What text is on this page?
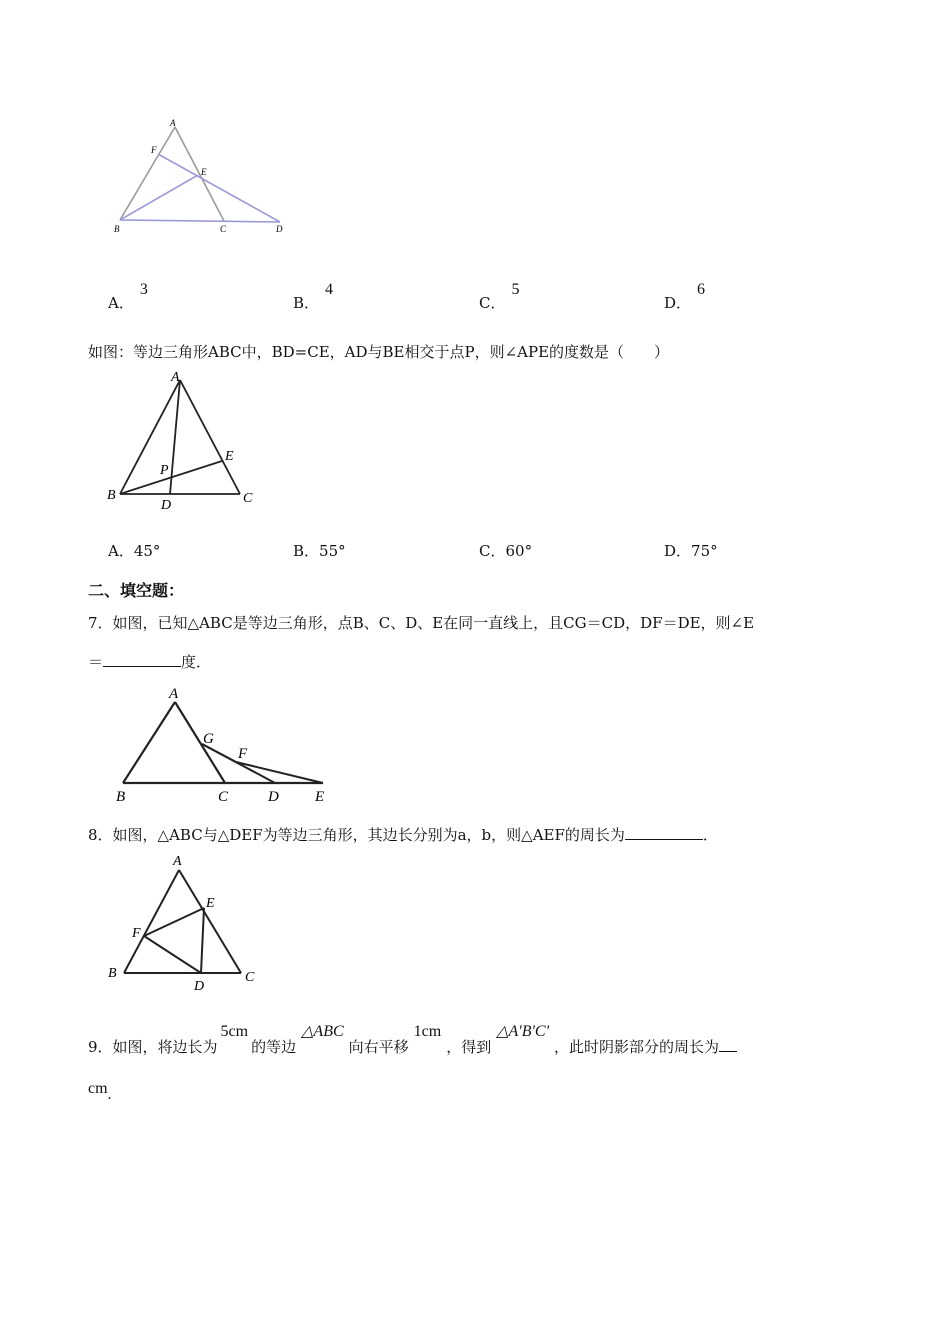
A
F
E
B	C	D
A．3
B．4
C．5
D．6
如图：等边三角形ABC中，BD=CE，AD与BE相交于点P，则∠APE的度数是（　　）
A
B	C
D
E
P
A．45°	B．55°	C．60°	D．75°
二、填空题：
7．如图，已知△ABC是等边三角形，点B、C、D、E在同一直线上，且CG＝CD，DF＝DE，则∠E
＝	度．
A
G
F
B	C	D E
8．如图，△ABC与△DEF为等边三角形，其边长分别为a，b，则△AEF的周长为	．
A
E
F
B	C
D
9．如图，将边长为5cm的等边△ABC向右平移1cm，得到△A'B'C'，此时阴影部分的周长为
cm.
